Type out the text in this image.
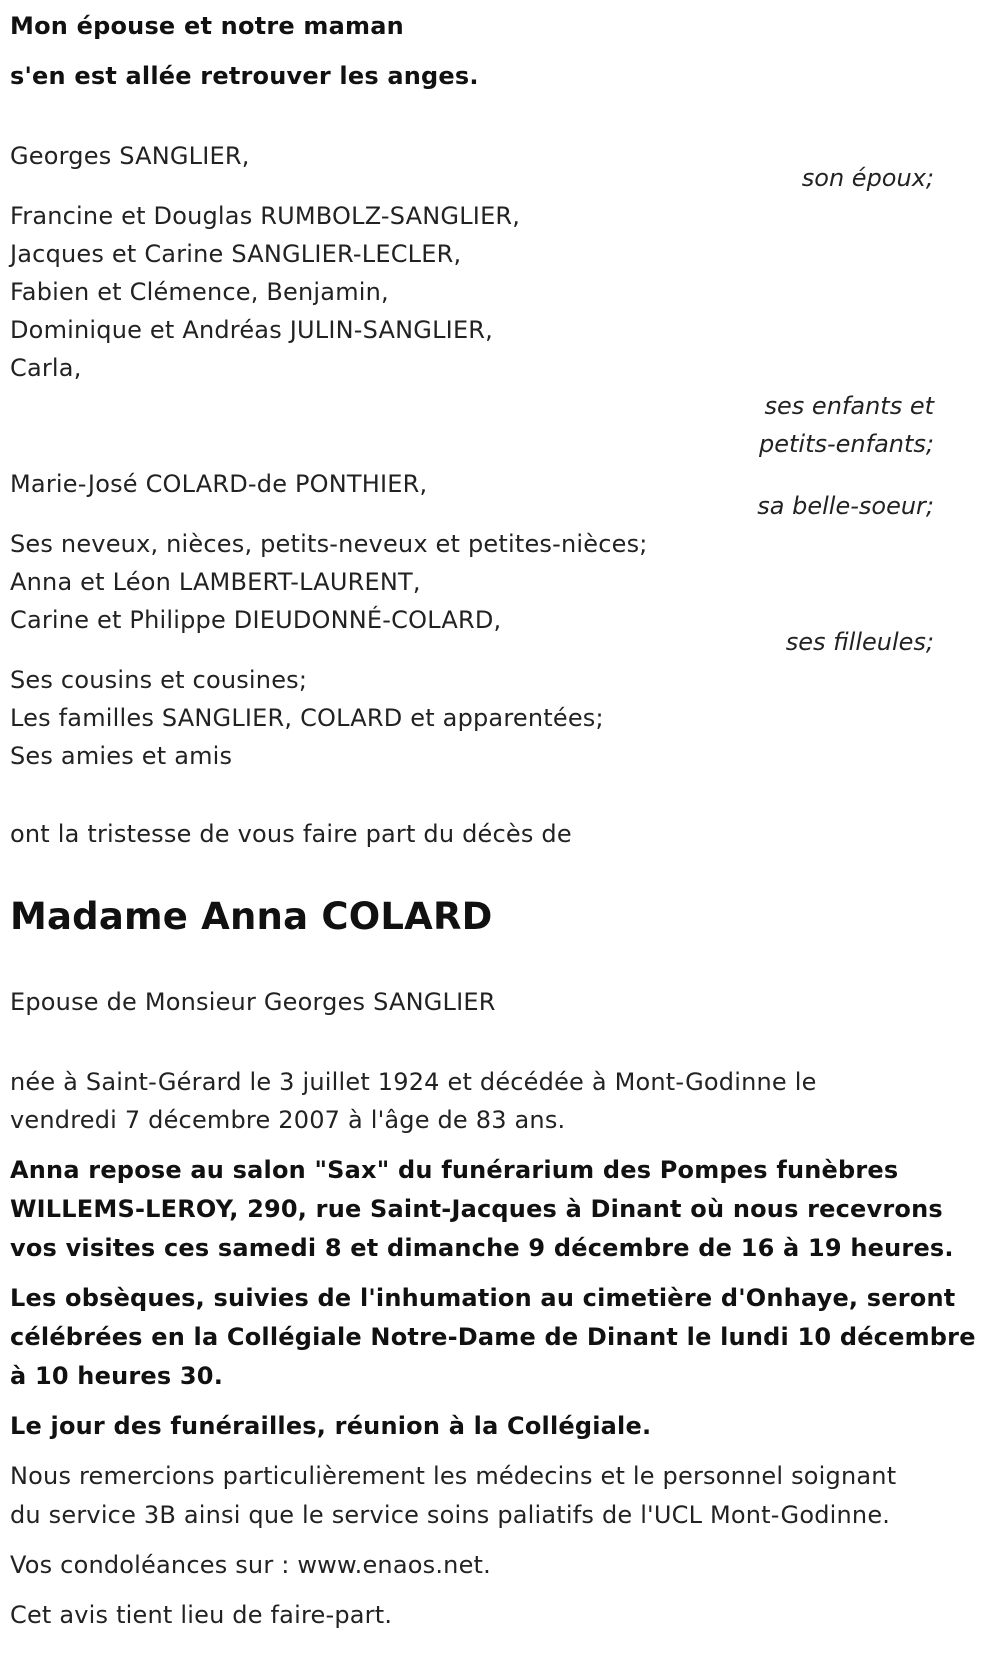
Mon épouse et notre maman
s'en est allée retrouver les anges.
Georges SANGLIER,
son époux;
Francine et Douglas RUMBOLZ-SANGLIER,
Jacques et Carine SANGLIER-LECLER,
Fabien et Clémence, Benjamin,
Dominique et Andréas JULIN-SANGLIER,
Carla,
ses enfants et
petits-enfants;
Marie-José COLARD-de PONTHIER,
sa belle-soeur;
Ses neveux, nièces, petits-neveux et petites-nièces;
Anna et Léon LAMBERT-LAURENT,
Carine et Philippe DIEUDONNÉ-COLARD,
ses filleules;
Ses cousins et cousines;
Les familles SANGLIER, COLARD et apparentées;
Ses amies et amis
ont la tristesse de vous faire part du décès de
Madame Anna COLARD
Epouse de Monsieur Georges SANGLIER
née à Saint-Gérard le 3 juillet 1924 et décédée à Mont-Godinne le
vendredi 7 décembre 2007 à l'âge de 83 ans.
Anna repose au salon "Sax" du funérarium des Pompes funèbres
WILLEMS-LEROY, 290, rue Saint-Jacques à Dinant où nous recevrons
vos visites ces samedi 8 et dimanche 9 décembre de 16 à 19 heures.
Les obsèques, suivies de l'inhumation au cimetière d'Onhaye, seront
célébrées en la Collégiale Notre-Dame de Dinant le lundi 10 décembre
à 10 heures 30.
Le jour des funérailles, réunion à la Collégiale.
Nous remercions particulièrement les médecins et le personnel soignant
du service 3B ainsi que le service soins paliatifs de l'UCL Mont-Godinne.
Vos condoléances sur : www.enaos.net.
Cet avis tient lieu de faire-part.
